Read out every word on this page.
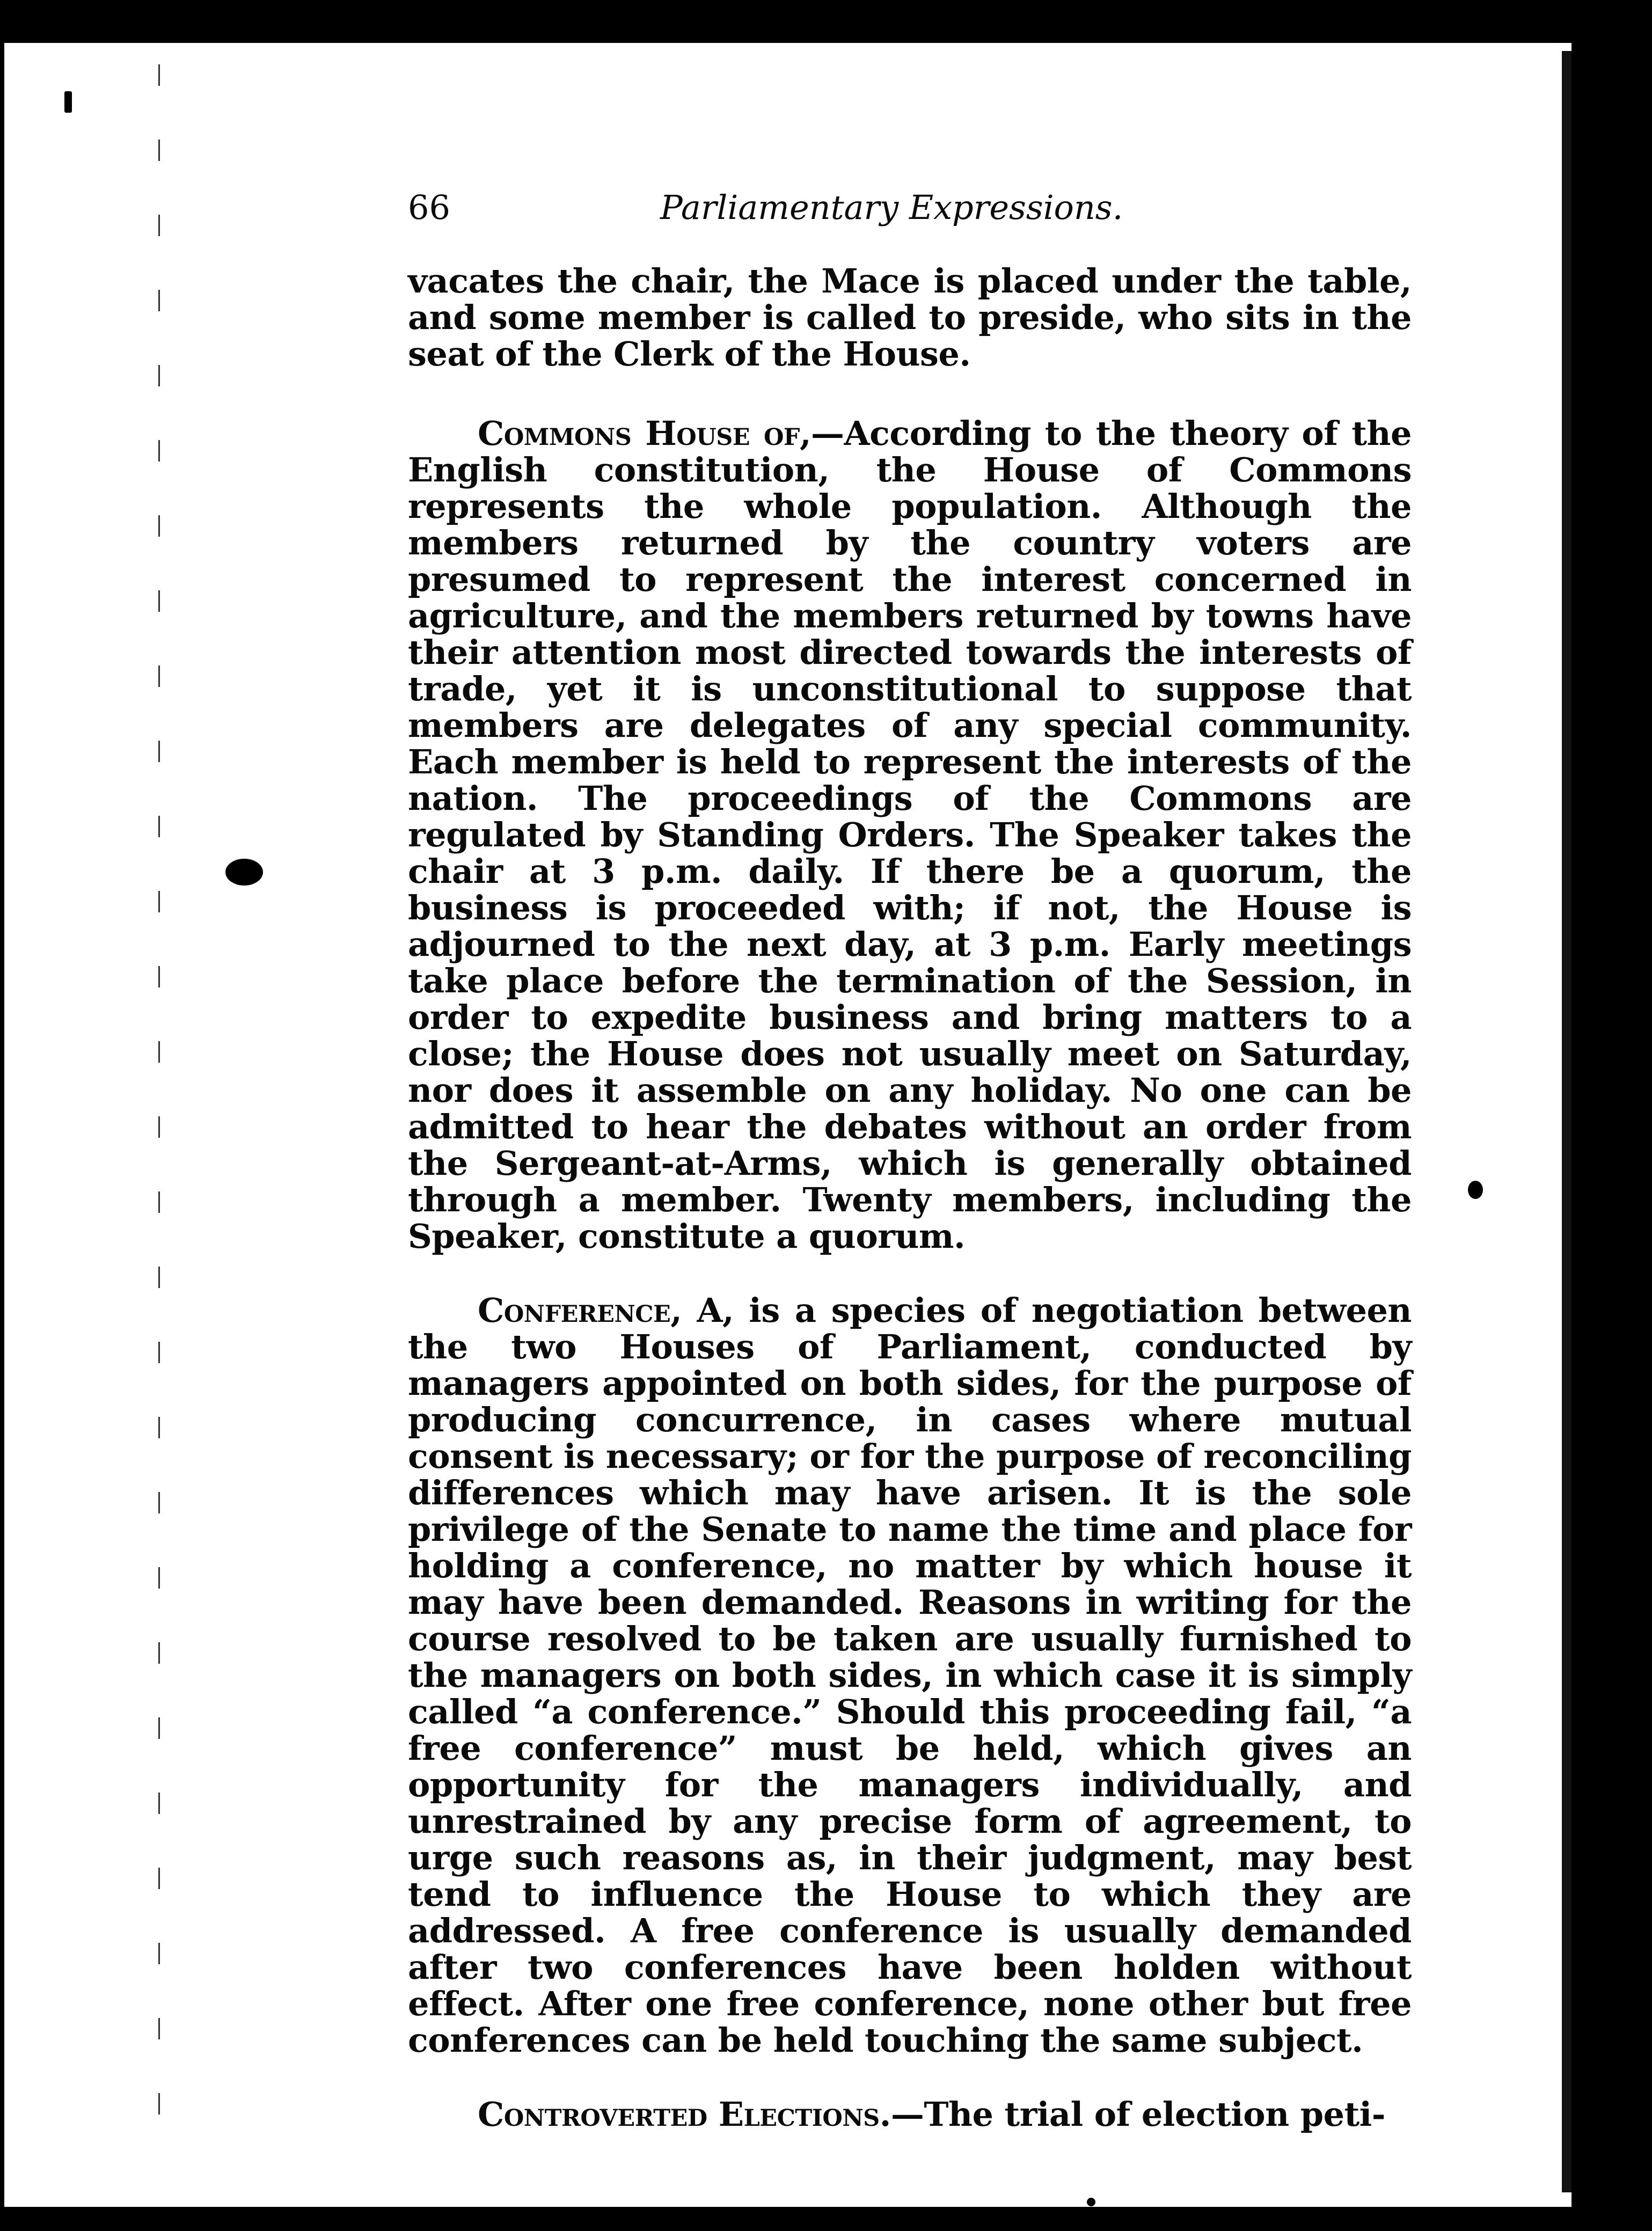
66	Parliamentary Expressions.

vacates the chair, the Mace is placed under the table, and some member is called to preside, who sits in the seat of the Clerk of the House.

Commons House of,—According to the theory of the English constitution, the House of Commons represents the whole population. Although the members returned by the country voters are presumed to represent the interest concerned in agriculture, and the members returned by towns have their attention most directed towards the interests of trade, yet it is unconstitutional to suppose that members are delegates of any special community. Each member is held to represent the interests of the nation. The proceedings of the Commons are regulated by Standing Orders. The Speaker takes the chair at 3 p.m. daily. If there be a quorum, the business is proceeded with; if not, the House is adjourned to the next day, at 3 p.m. Early meetings take place before the termination of the Session, in order to expedite business and bring matters to a close; the House does not usually meet on Saturday, nor does it assemble on any holiday. No one can be admitted to hear the debates without an order from the Sergeant-at-Arms, which is generally obtained through a member. Twenty members, including the Speaker, constitute a quorum.

Conference, A, is a species of negotiation between the two Houses of Parliament, conducted by managers appointed on both sides, for the purpose of producing concurrence, in cases where mutual consent is necessary; or for the purpose of reconciling differences which may have arisen. It is the sole privilege of the Senate to name the time and place for holding a conference, no matter by which house it may have been demanded. Reasons in writing for the course resolved to be taken are usually furnished to the managers on both sides, in which case it is simply called “a conference.” Should this proceeding fail, “a free conference” must be held, which gives an opportunity for the managers individually, and unrestrained by any precise form of agreement, to urge such reasons as, in their judgment, may best tend to influence the House to which they are addressed. A free conference is usually demanded after two conferences have been holden without effect. After one free conference, none other but free conferences can be held touching the same subject.

Controverted Elections.—The trial of election peti-
